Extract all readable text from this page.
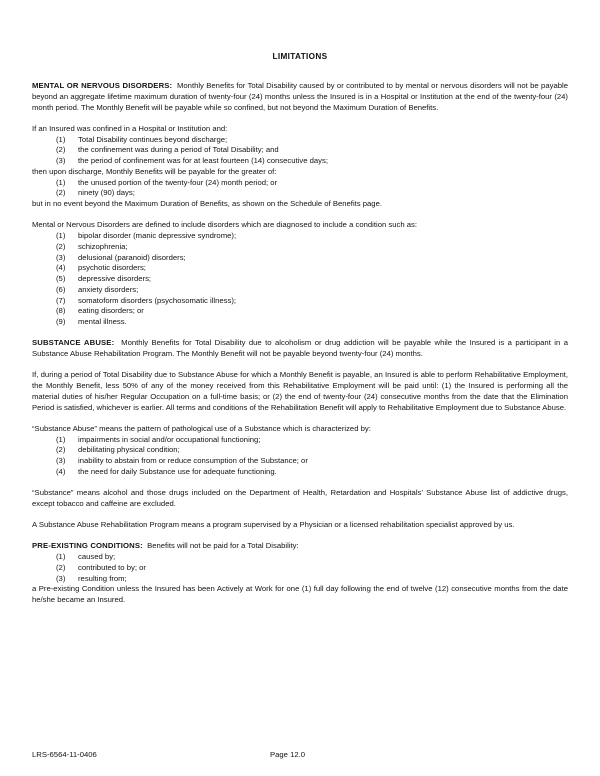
LIMITATIONS

MENTAL OR NERVOUS DISORDERS: Monthly Benefits for Total Disability caused by or contributed to by mental or nervous disorders will not be payable beyond an aggregate lifetime maximum duration of twenty-four (24) months unless the Insured is in a Hospital or Institution at the end of the twenty-four (24) month period. The Monthly Benefit will be payable while so confined, but not beyond the Maximum Duration of Benefits.

If an Insured was confined in a Hospital or Institution and:

(1)	Total Disability continues beyond discharge;
(2)	the confinement was during a period of Total Disability; and
(3)	the period of confinement was for at least fourteen (14) consecutive days;

then upon discharge, Monthly Benefits will be payable for the greater of:

(1)	the unused portion of the twenty-four (24) month period; or
(2)	ninety (90) days;

but in no event beyond the Maximum Duration of Benefits, as shown on the Schedule of Benefits page.

Mental or Nervous Disorders are defined to include disorders which are diagnosed to include a condition such as:

(1)	bipolar disorder (manic depressive syndrome);
(2)	schizophrenia;
(3)	delusional (paranoid) disorders;
(4)	psychotic disorders;
(5)	depressive disorders;
(6)	anxiety disorders;
(7)	somatoform disorders (psychosomatic illness);
(8)	eating disorders; or
(9)	mental illness.

SUBSTANCE ABUSE: Monthly Benefits for Total Disability due to alcoholism or drug addiction will be payable while the Insured is a participant in a Substance Abuse Rehabilitation Program. The Monthly Benefit will not be payable beyond twenty-four (24) months.

If, during a period of Total Disability due to Substance Abuse for which a Monthly Benefit is payable, an Insured is able to perform Rehabilitative Employment, the Monthly Benefit, less 50% of any of the money received from this Rehabilitative Employment will be paid until: (1) the Insured is performing all the material duties of his/her Regular Occupation on a full-time basis; or (2) the end of twenty-four (24) consecutive months from the date that the Elimination Period is satisfied, whichever is earlier. All terms and conditions of the Rehabilitation Benefit will apply to Rehabilitative Employment due to Substance Abuse.

“Substance Abuse” means the pattern of pathological use of a Substance which is characterized by:

(1)	impairments in social and/or occupational functioning;
(2)	debilitating physical condition;
(3)	inability to abstain from or reduce consumption of the Substance; or
(4)	the need for daily Substance use for adequate functioning.

“Substance” means alcohol and those drugs included on the Department of Health, Retardation and Hospitals’ Substance Abuse list of addictive drugs, except tobacco and caffeine are excluded.

A Substance Abuse Rehabilitation Program means a program supervised by a Physician or a licensed rehabilitation specialist approved by us.

PRE-EXISTING CONDITIONS: Benefits will not be paid for a Total Disability:

(1)	caused by;
(2)	contributed to by; or
(3)	resulting from;

a Pre-existing Condition unless the Insured has been Actively at Work for one (1) full day following the end of twelve (12) consecutive months from the date he/she became an Insured.

LRS-6564-11-0406	Page 12.0
